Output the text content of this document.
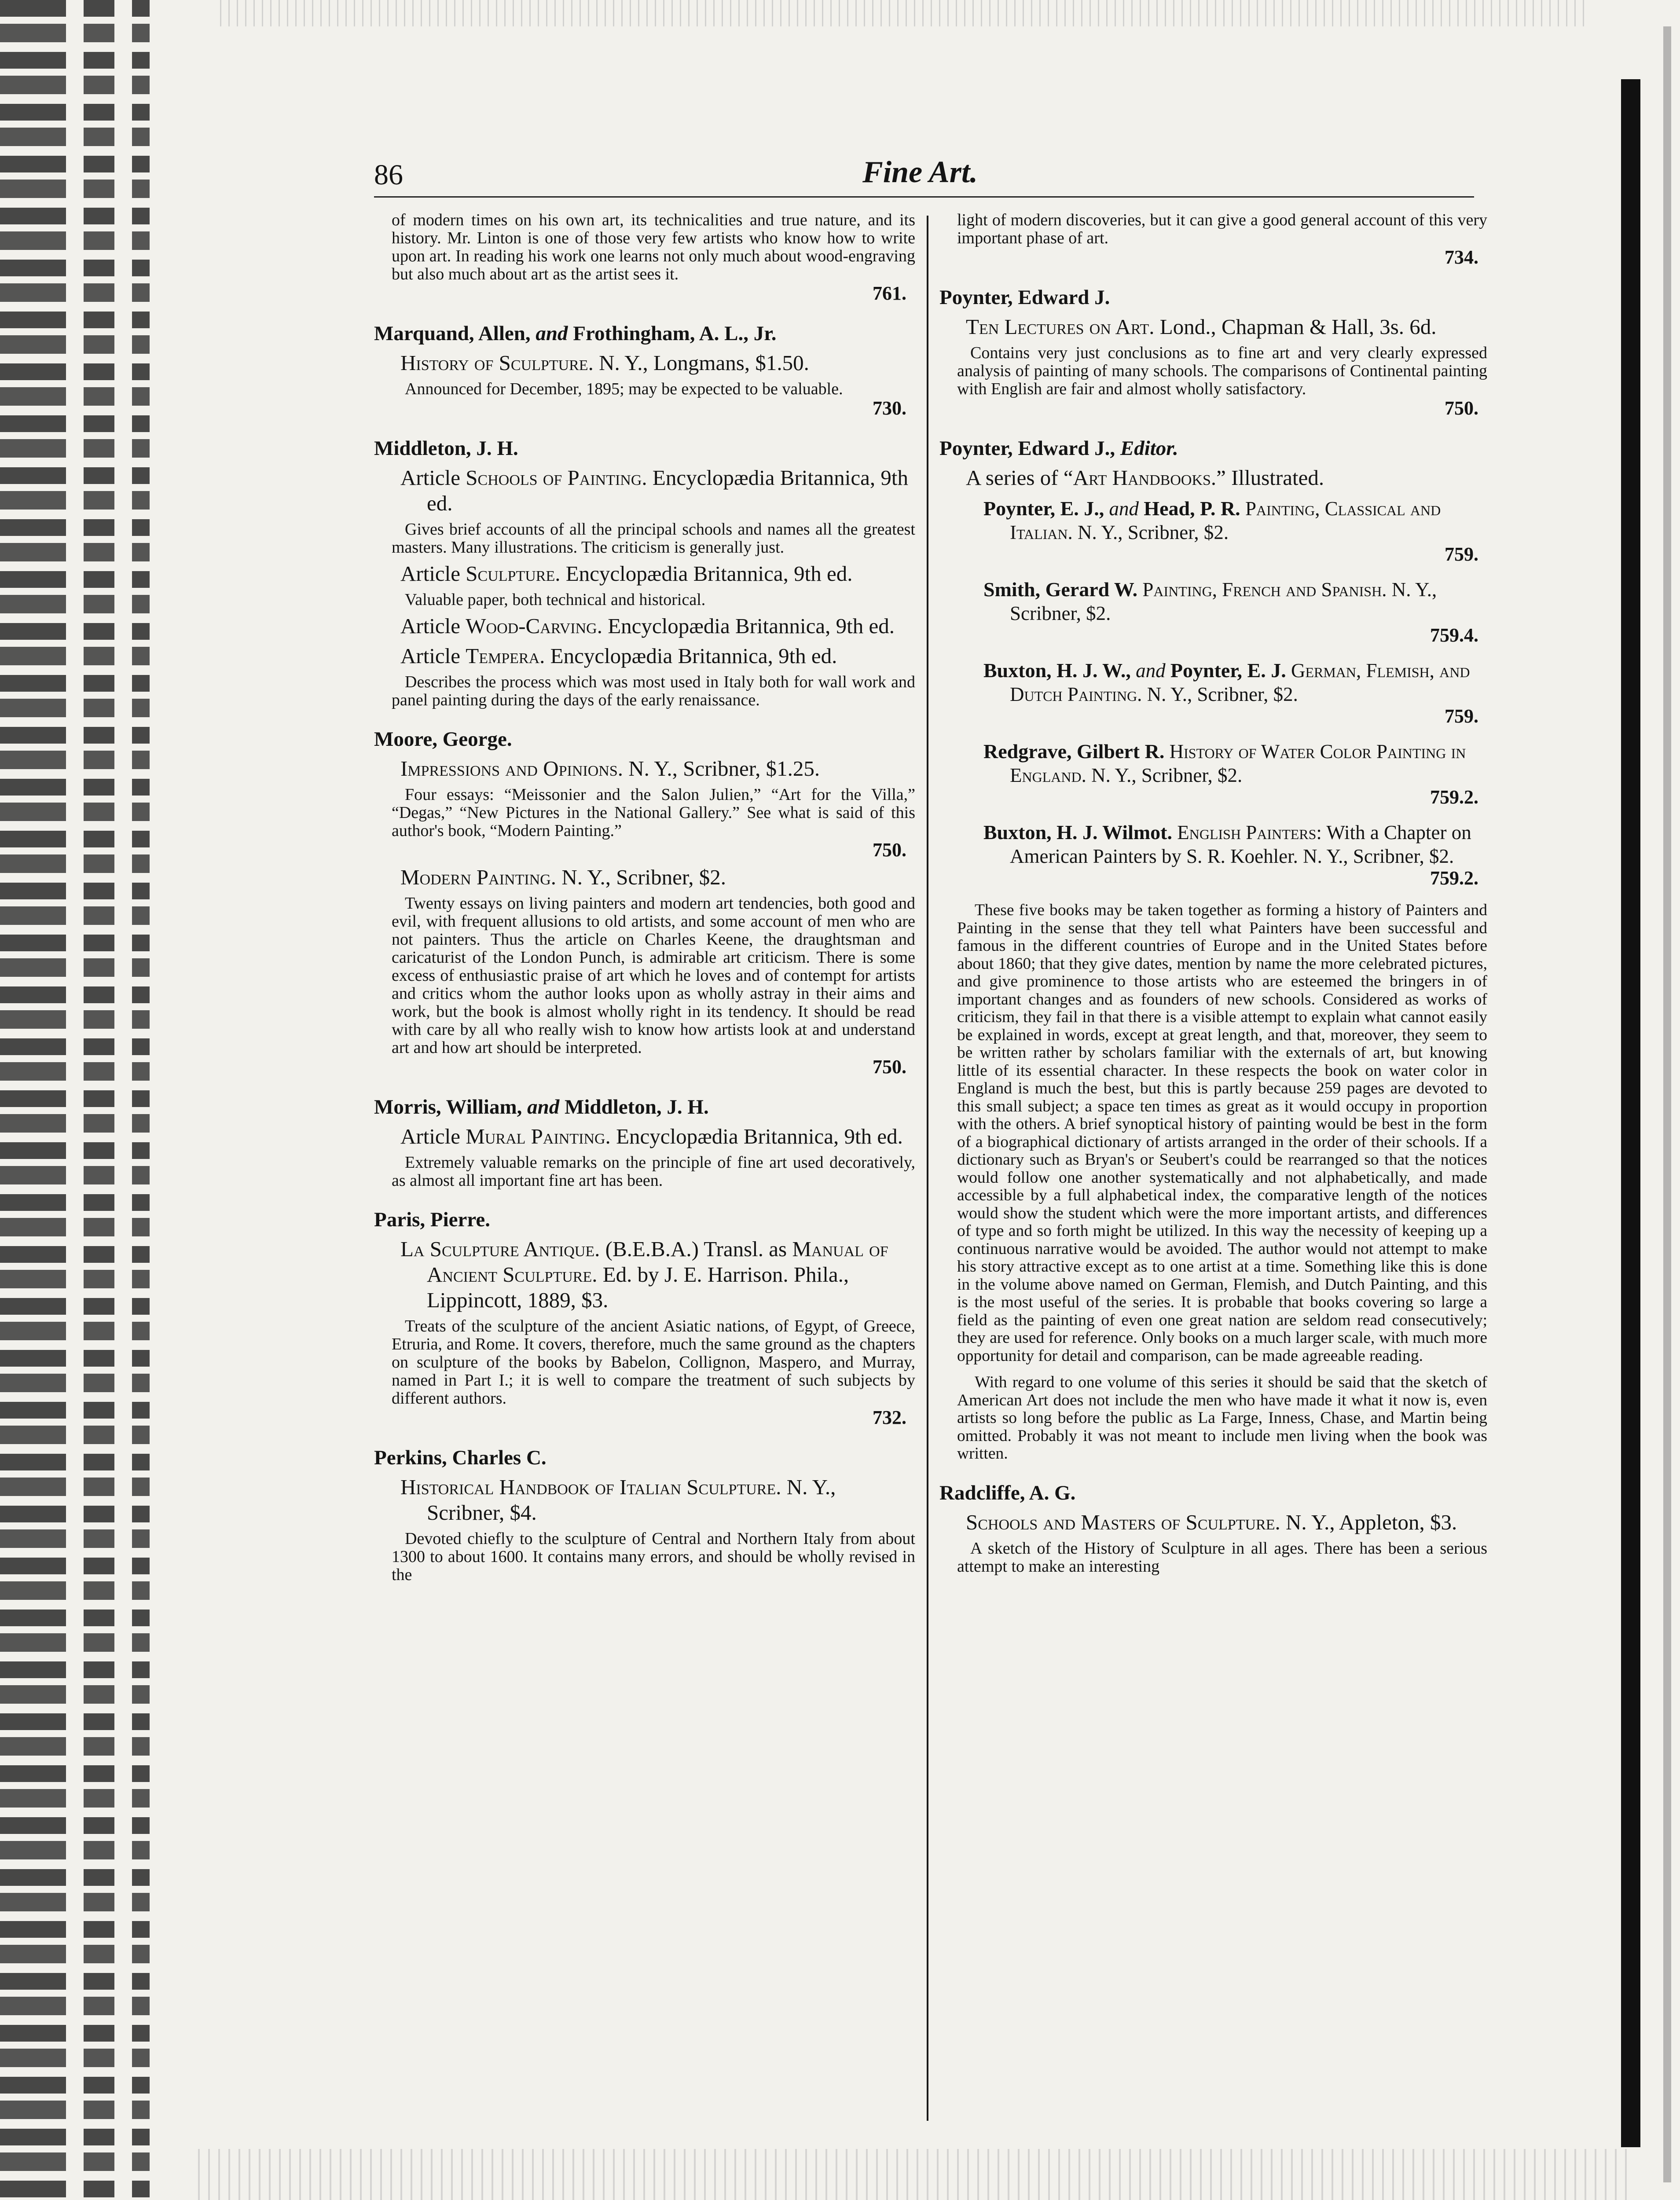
86	Fine Art.
of modern times on his own art, its technicalities and true nature, and its history. Mr. Linton is one of those very few artists who know how to write upon art. In reading his work one learns not only much about wood-engraving but also much about art as the artist sees it.
761.
Marquand, Allen, and Frothingham, A. L., Jr.
History of Sculpture. N. Y., Longmans, $1.50.
Announced for December, 1895; may be expected to be valuable.
730.
Middleton, J. H.
Article Schools of Painting. Encyclopædia Britannica, 9th ed.
Gives brief accounts of all the principal schools and names all the greatest masters. Many illustrations. The criticism is generally just.
Article Sculpture. Encyclopædia Britannica, 9th ed.
Valuable paper, both technical and historical.
Article Wood-Carving. Encyclopædia Britannica, 9th ed.
Article Tempera. Encyclopædia Britannica, 9th ed.
Describes the process which was most used in Italy both for wall work and panel painting during the days of the early renaissance.
Moore, George.
Impressions and Opinions. N. Y., Scribner, $1.25.
Four essays: “Meissonier and the Salon Julien,” “Art for the Villa,” “Degas,” “New Pictures in the National Gallery.” See what is said of this author's book, “Modern Painting.”
750.
Modern Painting. N. Y., Scribner, $2.
Twenty essays on living painters and modern art tendencies, both good and evil, with frequent allusions to old artists, and some account of men who are not painters. Thus the article on Charles Keene, the draughtsman and caricaturist of the London Punch, is admirable art criticism. There is some excess of enthusiastic praise of art which he loves and of contempt for artists and critics whom the author looks upon as wholly astray in their aims and work, but the book is almost wholly right in its tendency. It should be read with care by all who really wish to know how artists look at and understand art and how art should be interpreted.
750.
Morris, William, and Middleton, J. H.
Article Mural Painting. Encyclopædia Britannica, 9th ed.
Extremely valuable remarks on the principle of fine art used decoratively, as almost all important fine art has been.
Paris, Pierre.
La Sculpture Antique. (B.E.B.A.) Transl. as Manual of Ancient Sculpture. Ed. by J. E. Harrison. Phila., Lippincott, 1889, $3.
Treats of the sculpture of the ancient Asiatic nations, of Egypt, of Greece, Etruria, and Rome. It covers, therefore, much the same ground as the chapters on sculpture of the books by Babelon, Collignon, Maspero, and Murray, named in Part I.; it is well to compare the treatment of such subjects by different authors.
732.
Perkins, Charles C.
Historical Handbook of Italian Sculpture. N. Y., Scribner, $4.
Devoted chiefly to the sculpture of Central and Northern Italy from about 1300 to about 1600. It contains many errors, and should be wholly revised in the
light of modern discoveries, but it can give a good general account of this very important phase of art.
734.
Poynter, Edward J.
Ten Lectures on Art. Lond., Chapman & Hall, 3s. 6d.
Contains very just conclusions as to fine art and very clearly expressed analysis of painting of many schools. The comparisons of Continental painting with English are fair and almost wholly satisfactory.
750.
Poynter, Edward J., Editor.
A series of “Art Handbooks.” Illustrated.
Poynter, E. J., and Head, P. R. Painting, Classical and Italian. N. Y., Scribner, $2.
759.
Smith, Gerard W. Painting, French and Spanish. N. Y., Scribner, $2.
759.4.
Buxton, H. J. W., and Poynter, E. J. German, Flemish, and Dutch Painting. N. Y., Scribner, $2.
759.
Redgrave, Gilbert R. History of Water Color Painting in England. N. Y., Scribner, $2.
759.2.
Buxton, H. J. Wilmot. English Painters: With a Chapter on American Painters by S. R. Koehler. N. Y., Scribner, $2.
759.2.
These five books may be taken together as forming a history of Painters and Painting in the sense that they tell what Painters have been successful and famous in the different countries of Europe and in the United States before about 1860; that they give dates, mention by name the more celebrated pictures, and give prominence to those artists who are esteemed the bringers in of important changes and as founders of new schools. Considered as works of criticism, they fail in that there is a visible attempt to explain what cannot easily be explained in words, except at great length, and that, moreover, they seem to be written rather by scholars familiar with the externals of art, but knowing little of its essential character. In these respects the book on water color in England is much the best, but this is partly because 259 pages are devoted to this small subject; a space ten times as great as it would occupy in proportion with the others. A brief synoptical history of painting would be best in the form of a biographical dictionary of artists arranged in the order of their schools. If a dictionary such as Bryan's or Seubert's could be rearranged so that the notices would follow one another systematically and not alphabetically, and made accessible by a full alphabetical index, the comparative length of the notices would show the student which were the more important artists, and differences of type and so forth might be utilized. In this way the necessity of keeping up a continuous narrative would be avoided. The author would not attempt to make his story attractive except as to one artist at a time. Something like this is done in the volume above named on German, Flemish, and Dutch Painting, and this is the most useful of the series. It is probable that books covering so large a field as the painting of even one great nation are seldom read consecutively; they are used for reference. Only books on a much larger scale, with much more opportunity for detail and comparison, can be made agreeable reading.
With regard to one volume of this series it should be said that the sketch of American Art does not include the men who have made it what it now is, even artists so long before the public as La Farge, Inness, Chase, and Martin being omitted. Probably it was not meant to include men living when the book was written.
Radcliffe, A. G.
Schools and Masters of Sculpture. N. Y., Appleton, $3.
A sketch of the History of Sculpture in all ages. There has been a serious attempt to make an interesting
